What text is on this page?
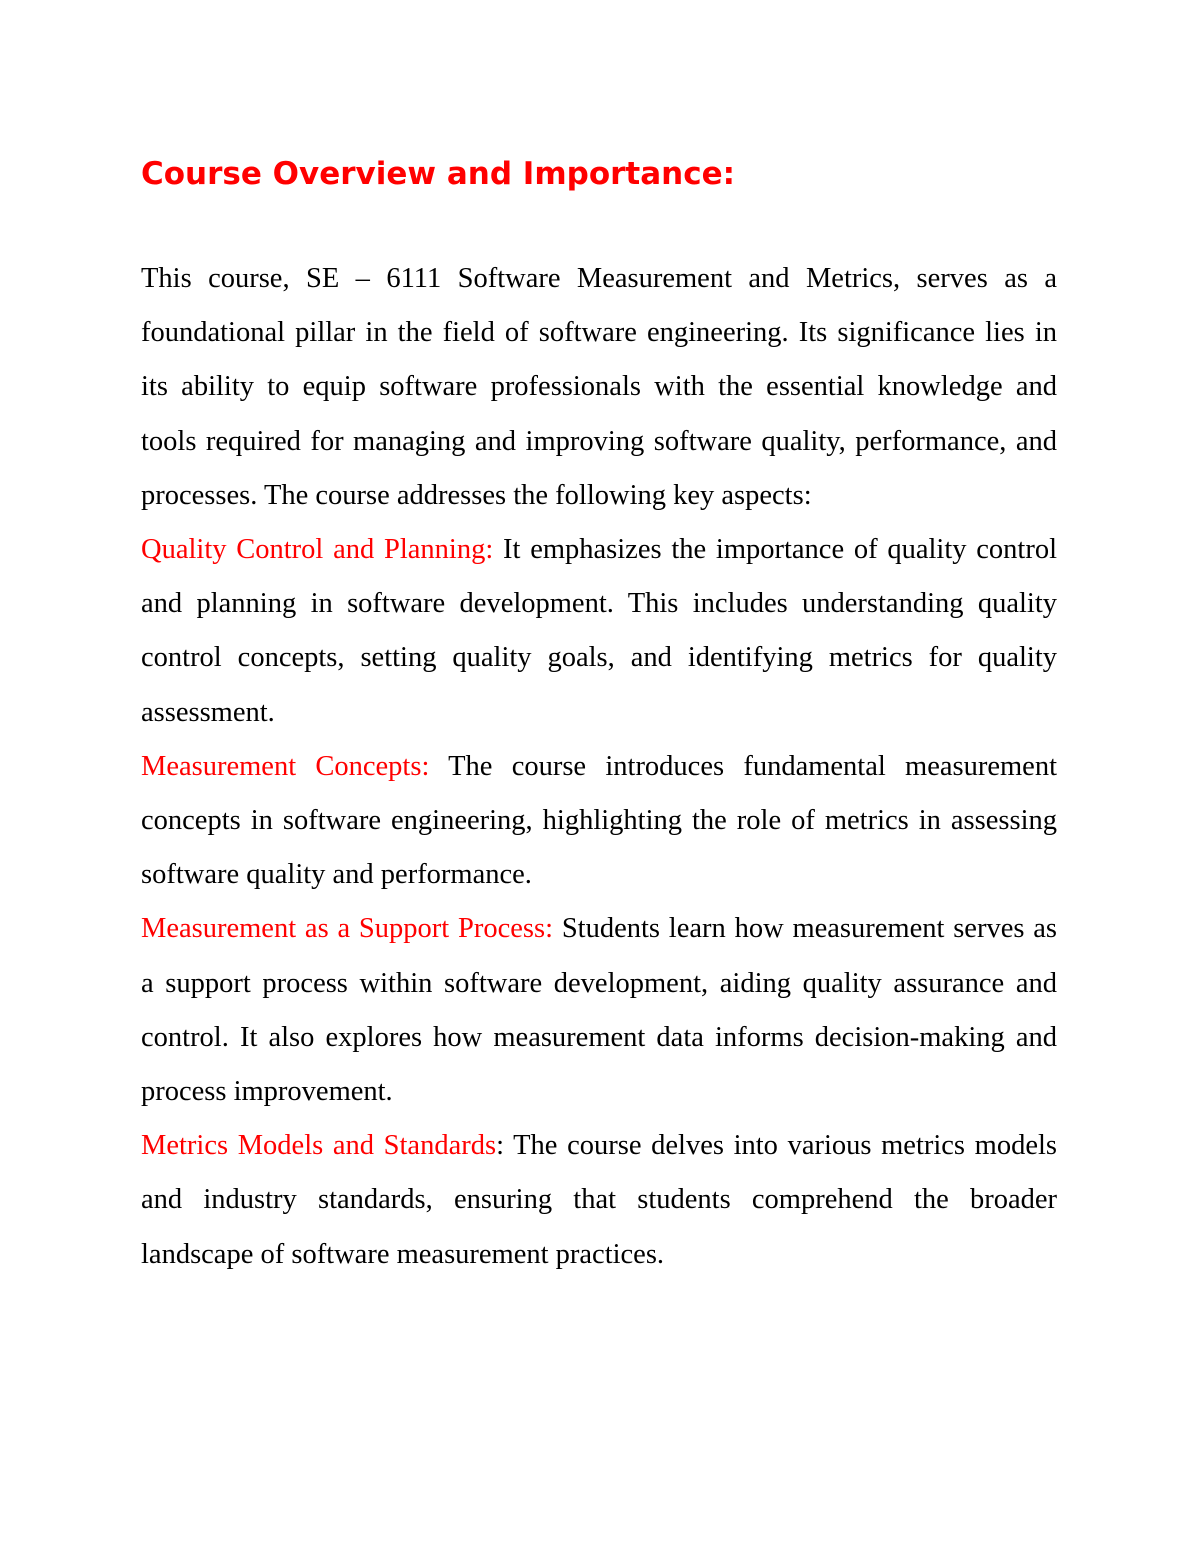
Course Overview and Importance:

This course, SE – 6111 Software Measurement and Metrics, serves as a foundational pillar in the field of software engineering. Its significance lies in its ability to equip software professionals with the essential knowledge and tools required for managing and improving software quality, performance, and processes. The course addresses the following key aspects:

Quality Control and Planning: It emphasizes the importance of quality control and planning in software development. This includes understanding quality control concepts, setting quality goals, and identifying metrics for quality assessment.

Measurement Concepts: The course introduces fundamental measurement concepts in software engineering, highlighting the role of metrics in assessing software quality and performance.

Measurement as a Support Process: Students learn how measurement serves as a support process within software development, aiding quality assurance and control. It also explores how measurement data informs decision-making and process improvement.

Metrics Models and Standards: The course delves into various metrics models and industry standards, ensuring that students comprehend the broader landscape of software measurement practices.
